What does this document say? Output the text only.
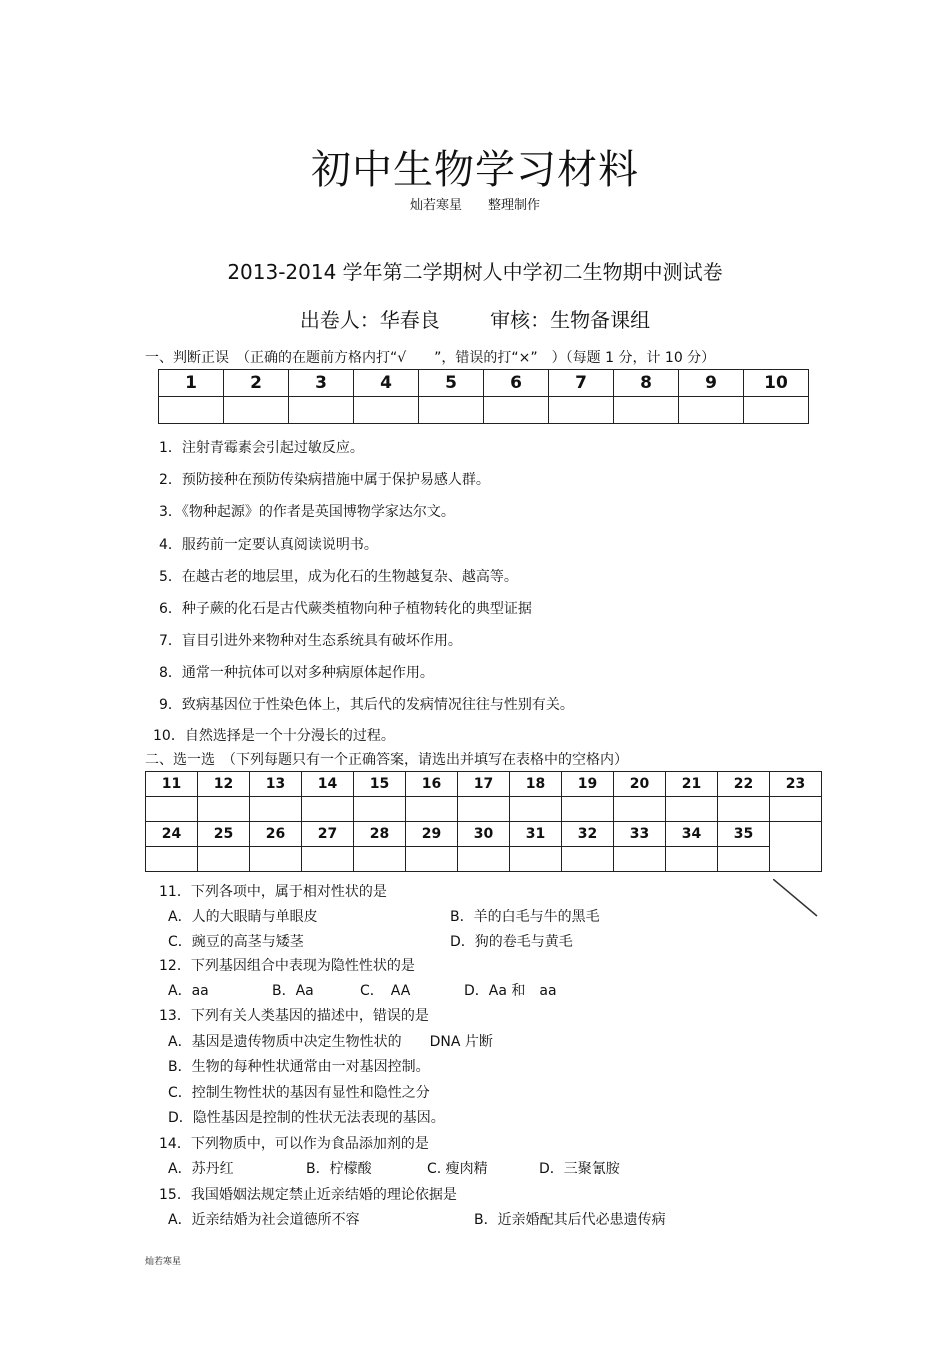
初中生物学习材料
灿若寒星　　整理制作
2013-2014 学年第二学期树人中学初二生物期中测试卷
出卷人：华春良	审核：生物备课组
一、判断正误　（正确的在题前方格内打“√　　”，错误的打“×”　）（每题 1 分，计 10 分）
1	2	3	4	5	6	7	8	9	10

1．注射青霉素会引起过敏反应。
2．预防接种在预防传染病措施中属于保护易感人群。
3．《物种起源》的作者是英国博物学家达尔文。
4．服药前一定要认真阅读说明书。
5．在越古老的地层里，成为化石的生物越复杂、越高等。
6．种子蕨的化石是古代蕨类植物向种子植物转化的典型证据
7．盲目引进外来物种对生态系统具有破坏作用。
8．通常一种抗体可以对多种病原体起作用。
9．致病基因位于性染色体上，其后代的发病情况往往与性别有关。
10．自然选择是一个十分漫长的过程。
二、选一选　（下列每题只有一个正确答案，请选出并填写在表格中的空格内）
11	12	13	14	15	16	17	18	19	20	21	22	23

24	25	26	27	28	29	30	31	32	33	34	35	

11．下列各项中，属于相对性状的是
A．人的大眼睛与单眼皮	B．羊的白毛与牛的黑毛
C．豌豆的高茎与矮茎	D．狗的卷毛与黄毛
12．下列基因组合中表现为隐性性状的是
A．aa	B．Aa	C．　AA	D．Aa 和　aa
13．下列有关人类基因的描述中，错误的是
A．基因是遗传物质中决定生物性状的　　DNA 片断
B．生物的每种性状通常由一对基因控制。
C．控制生物性状的基因有显性和隐性之分
D．隐性基因是控制的性状无法表现的基因。
14．下列物质中，可以作为食品添加剂的是
A．苏丹红	B．柠檬酸	C. 瘦肉精	D．三聚氰胺
15．我国婚姻法规定禁止近亲结婚的理论依据是
A．近亲结婚为社会道德所不容	B．近亲婚配其后代必患遗传病
灿若寒星
